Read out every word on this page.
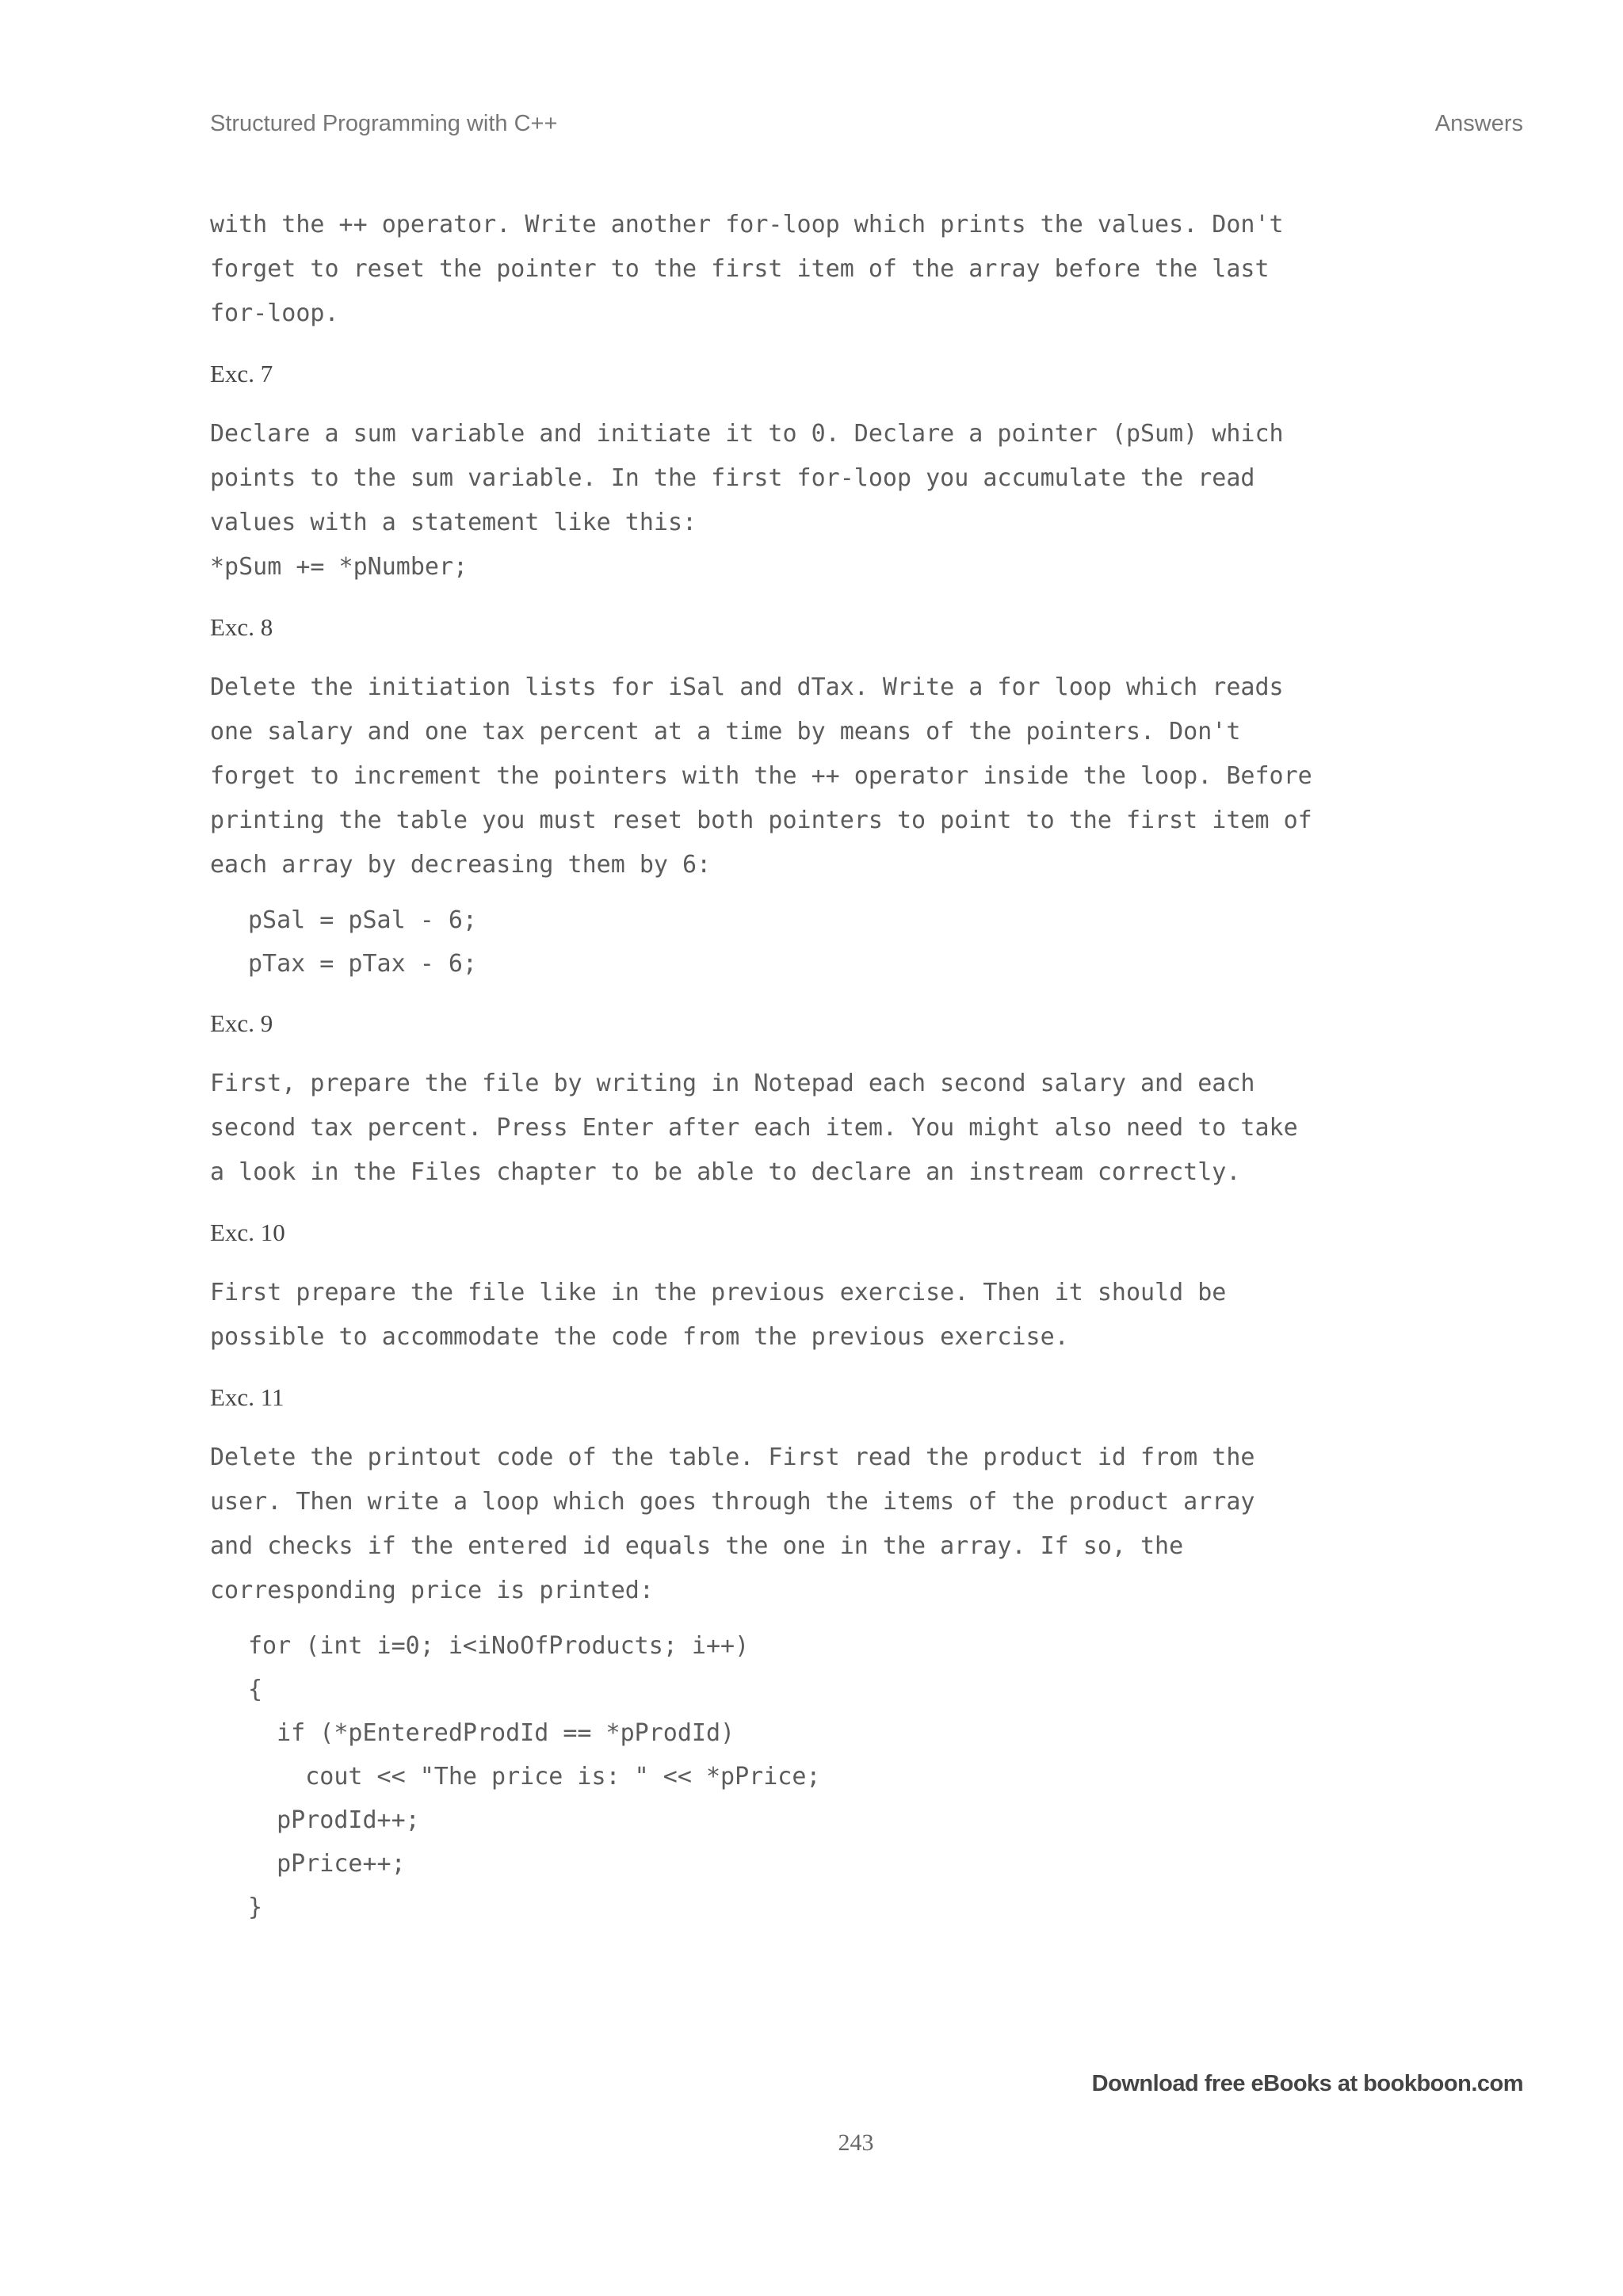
Structured Programming with C++	Answers

with the ++ operator. Write another for-loop which prints the values. Don't
forget to reset the pointer to the first item of the array before the last
for-loop.

Exc. 7

Declare a sum variable and initiate it to 0. Declare a pointer (pSum) which
points to the sum variable. In the first for-loop you accumulate the read
values with a statement like this:
*pSum += *pNumber;

Exc. 8

Delete the initiation lists for iSal and dTax. Write a for loop which reads
one salary and one tax percent at a time by means of the pointers. Don't
forget to increment the pointers with the ++ operator inside the loop. Before
printing the table you must reset both pointers to point to the first item of
each array by decreasing them by 6:

pSal = pSal - 6;
pTax = pTax - 6;
Exc. 9

First, prepare the file by writing in Notepad each second salary and each
second tax percent. Press Enter after each item. You might also need to take
a look in the Files chapter to be able to declare an instream correctly.

Exc. 10

First prepare the file like in the previous exercise. Then it should be
possible to accommodate the code from the previous exercise.

Exc. 11

Delete the printout code of the table. First read the product id from the
user. Then write a loop which goes through the items of the product array
and checks if the entered id equals the one in the array. If so, the
corresponding price is printed:

for (int i=0; i<iNoOfProducts; i++)
{
if (*pEnteredProdId == *pProdId)
cout << "The price is: " << *pPrice;
pProdId++;
pPrice++;
}
Download free eBooks at bookboon.com
243
